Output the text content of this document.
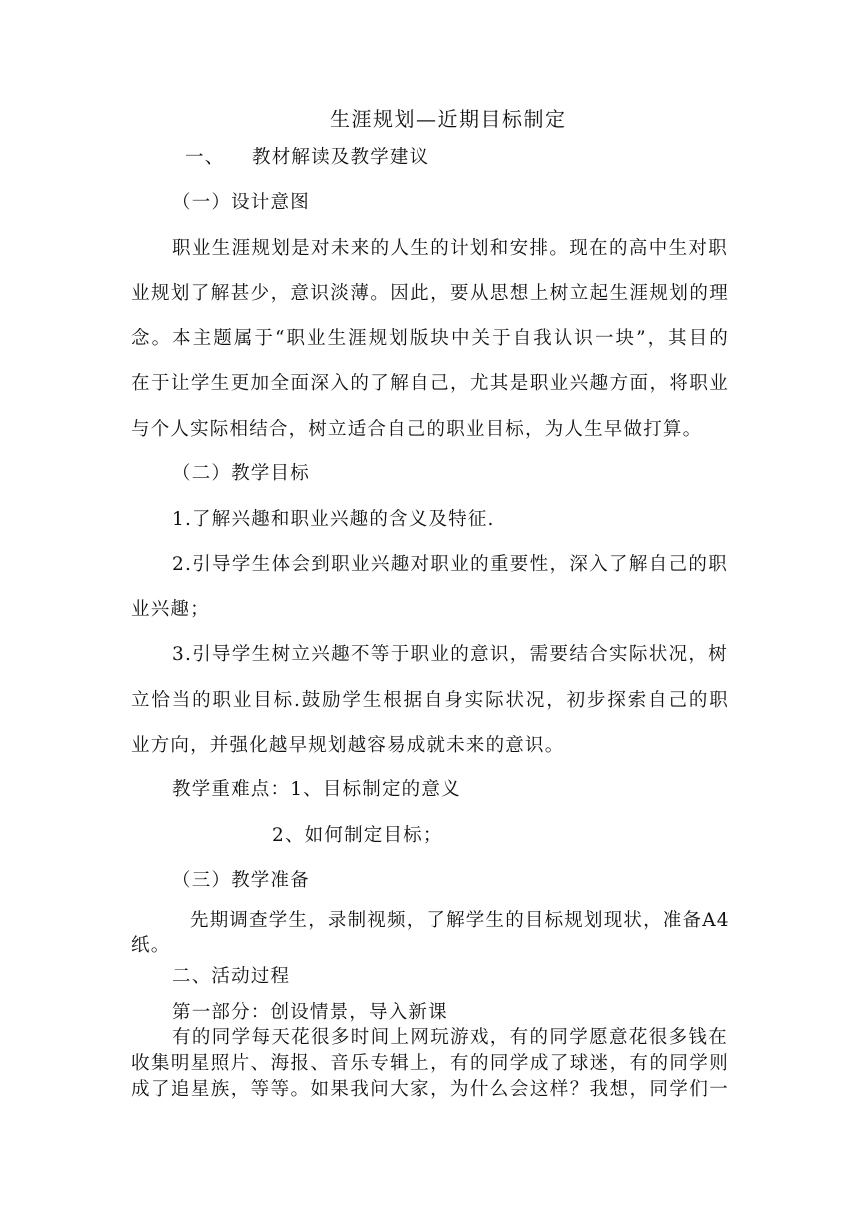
生涯规划—近期目标制定
一、 教材解读及教学建议
（一）设计意图
职业生涯规划是对未来的人生的计划和安排。现在的高中生对职
业规划了解甚少，意识淡薄。因此，要从思想上树立起生涯规划的理
念。本主题属于“职业生涯规划版块中关于自我认识一块”，其目的
在于让学生更加全面深入的了解自己，尤其是职业兴趣方面，将职业
与个人实际相结合，树立适合自己的职业目标，为人生早做打算。
（二）教学目标
1.了解兴趣和职业兴趣的含义及特征.
2.引导学生体会到职业兴趣对职业的重要性，深入了解自己的职
业兴趣；
3.引导学生树立兴趣不等于职业的意识，需要结合实际状况，树
立恰当的职业目标.鼓励学生根据自身实际状况，初步探索自己的职
业方向，并强化越早规划越容易成就未来的意识。
教学重难点：1、目标制定的意义
2、如何制定目标；
（三）教学准备
先期调查学生，录制视频，了解学生的目标规划现状，准备A4
纸。
二、活动过程
第一部分：创设情景，导入新课
有的同学每天花很多时间上网玩游戏，有的同学愿意花很多钱在
收集明星照片、海报、音乐专辑上，有的同学成了球迷，有的同学则
成了追星族，等等。如果我问大家，为什么会这样？我想，同学们一
